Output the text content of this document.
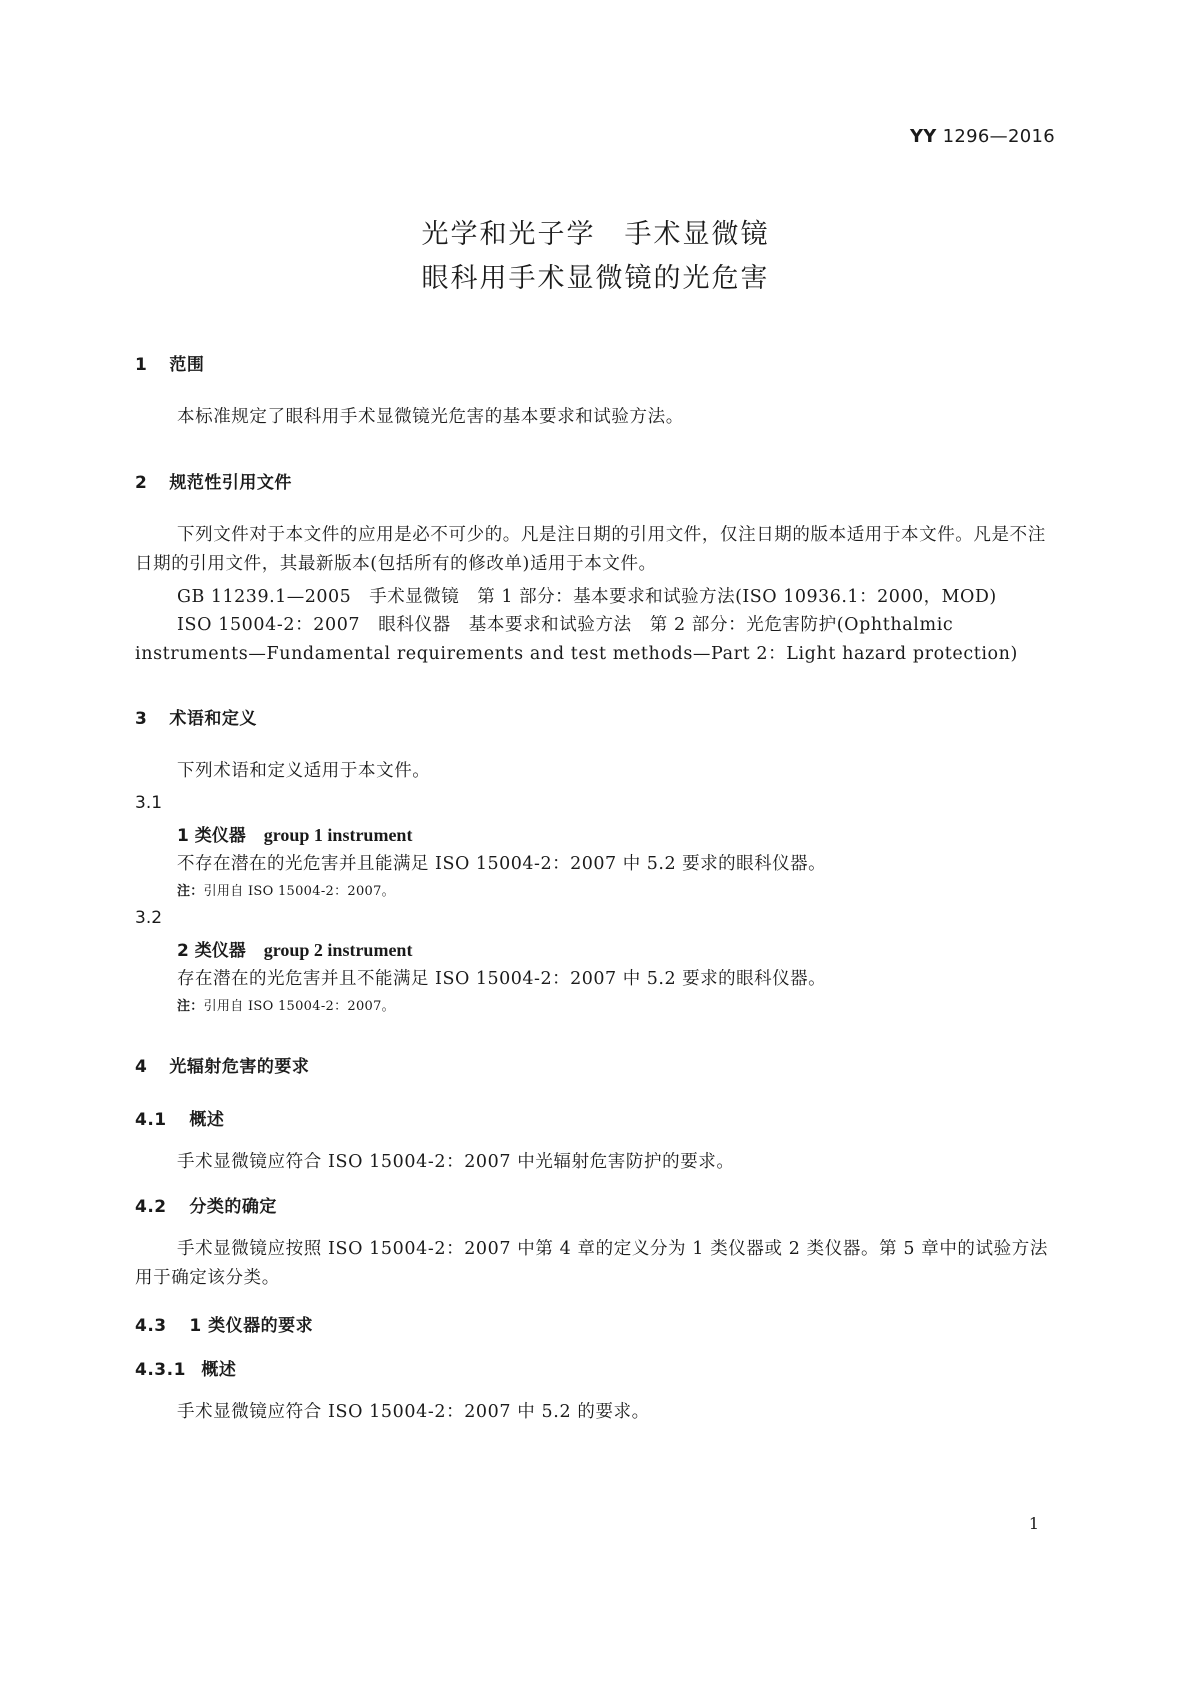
YY 1296—2016
光学和光子学　手术显微镜
眼科用手术显微镜的光危害
1 范围
本标准规定了眼科用手术显微镜光危害的基本要求和试验方法。
2 规范性引用文件
下列文件对于本文件的应用是必不可少的。凡是注日期的引用文件，仅注日期的版本适用于本文件。凡是不注日期的引用文件，其最新版本(包括所有的修改单)适用于本文件。
GB 11239.1—2005　手术显微镜　第 1 部分：基本要求和试验方法(ISO 10936.1：2000，MOD)
ISO 15004-2：2007　眼科仪器　基本要求和试验方法　第 2 部分：光危害防护(Ophthalmic instruments—Fundamental requirements and test methods—Part 2：Light hazard protection)
3 术语和定义
下列术语和定义适用于本文件。
3.1
1 类仪器 group 1 instrument
不存在潜在的光危害并且能满足 ISO 15004-2：2007 中 5.2 要求的眼科仪器。
注：引用自 ISO 15004-2：2007。
3.2
2 类仪器 group 2 instrument
存在潜在的光危害并且不能满足 ISO 15004-2：2007 中 5.2 要求的眼科仪器。
注：引用自 ISO 15004-2：2007。
4 光辐射危害的要求
4.1 概述
手术显微镜应符合 ISO 15004-2：2007 中光辐射危害防护的要求。
4.2 分类的确定
手术显微镜应按照 ISO 15004-2：2007 中第 4 章的定义分为 1 类仪器或 2 类仪器。第 5 章中的试验方法用于确定该分类。
4.3 1 类仪器的要求
4.3.1 概述
手术显微镜应符合 ISO 15004-2：2007 中 5.2 的要求。
1
